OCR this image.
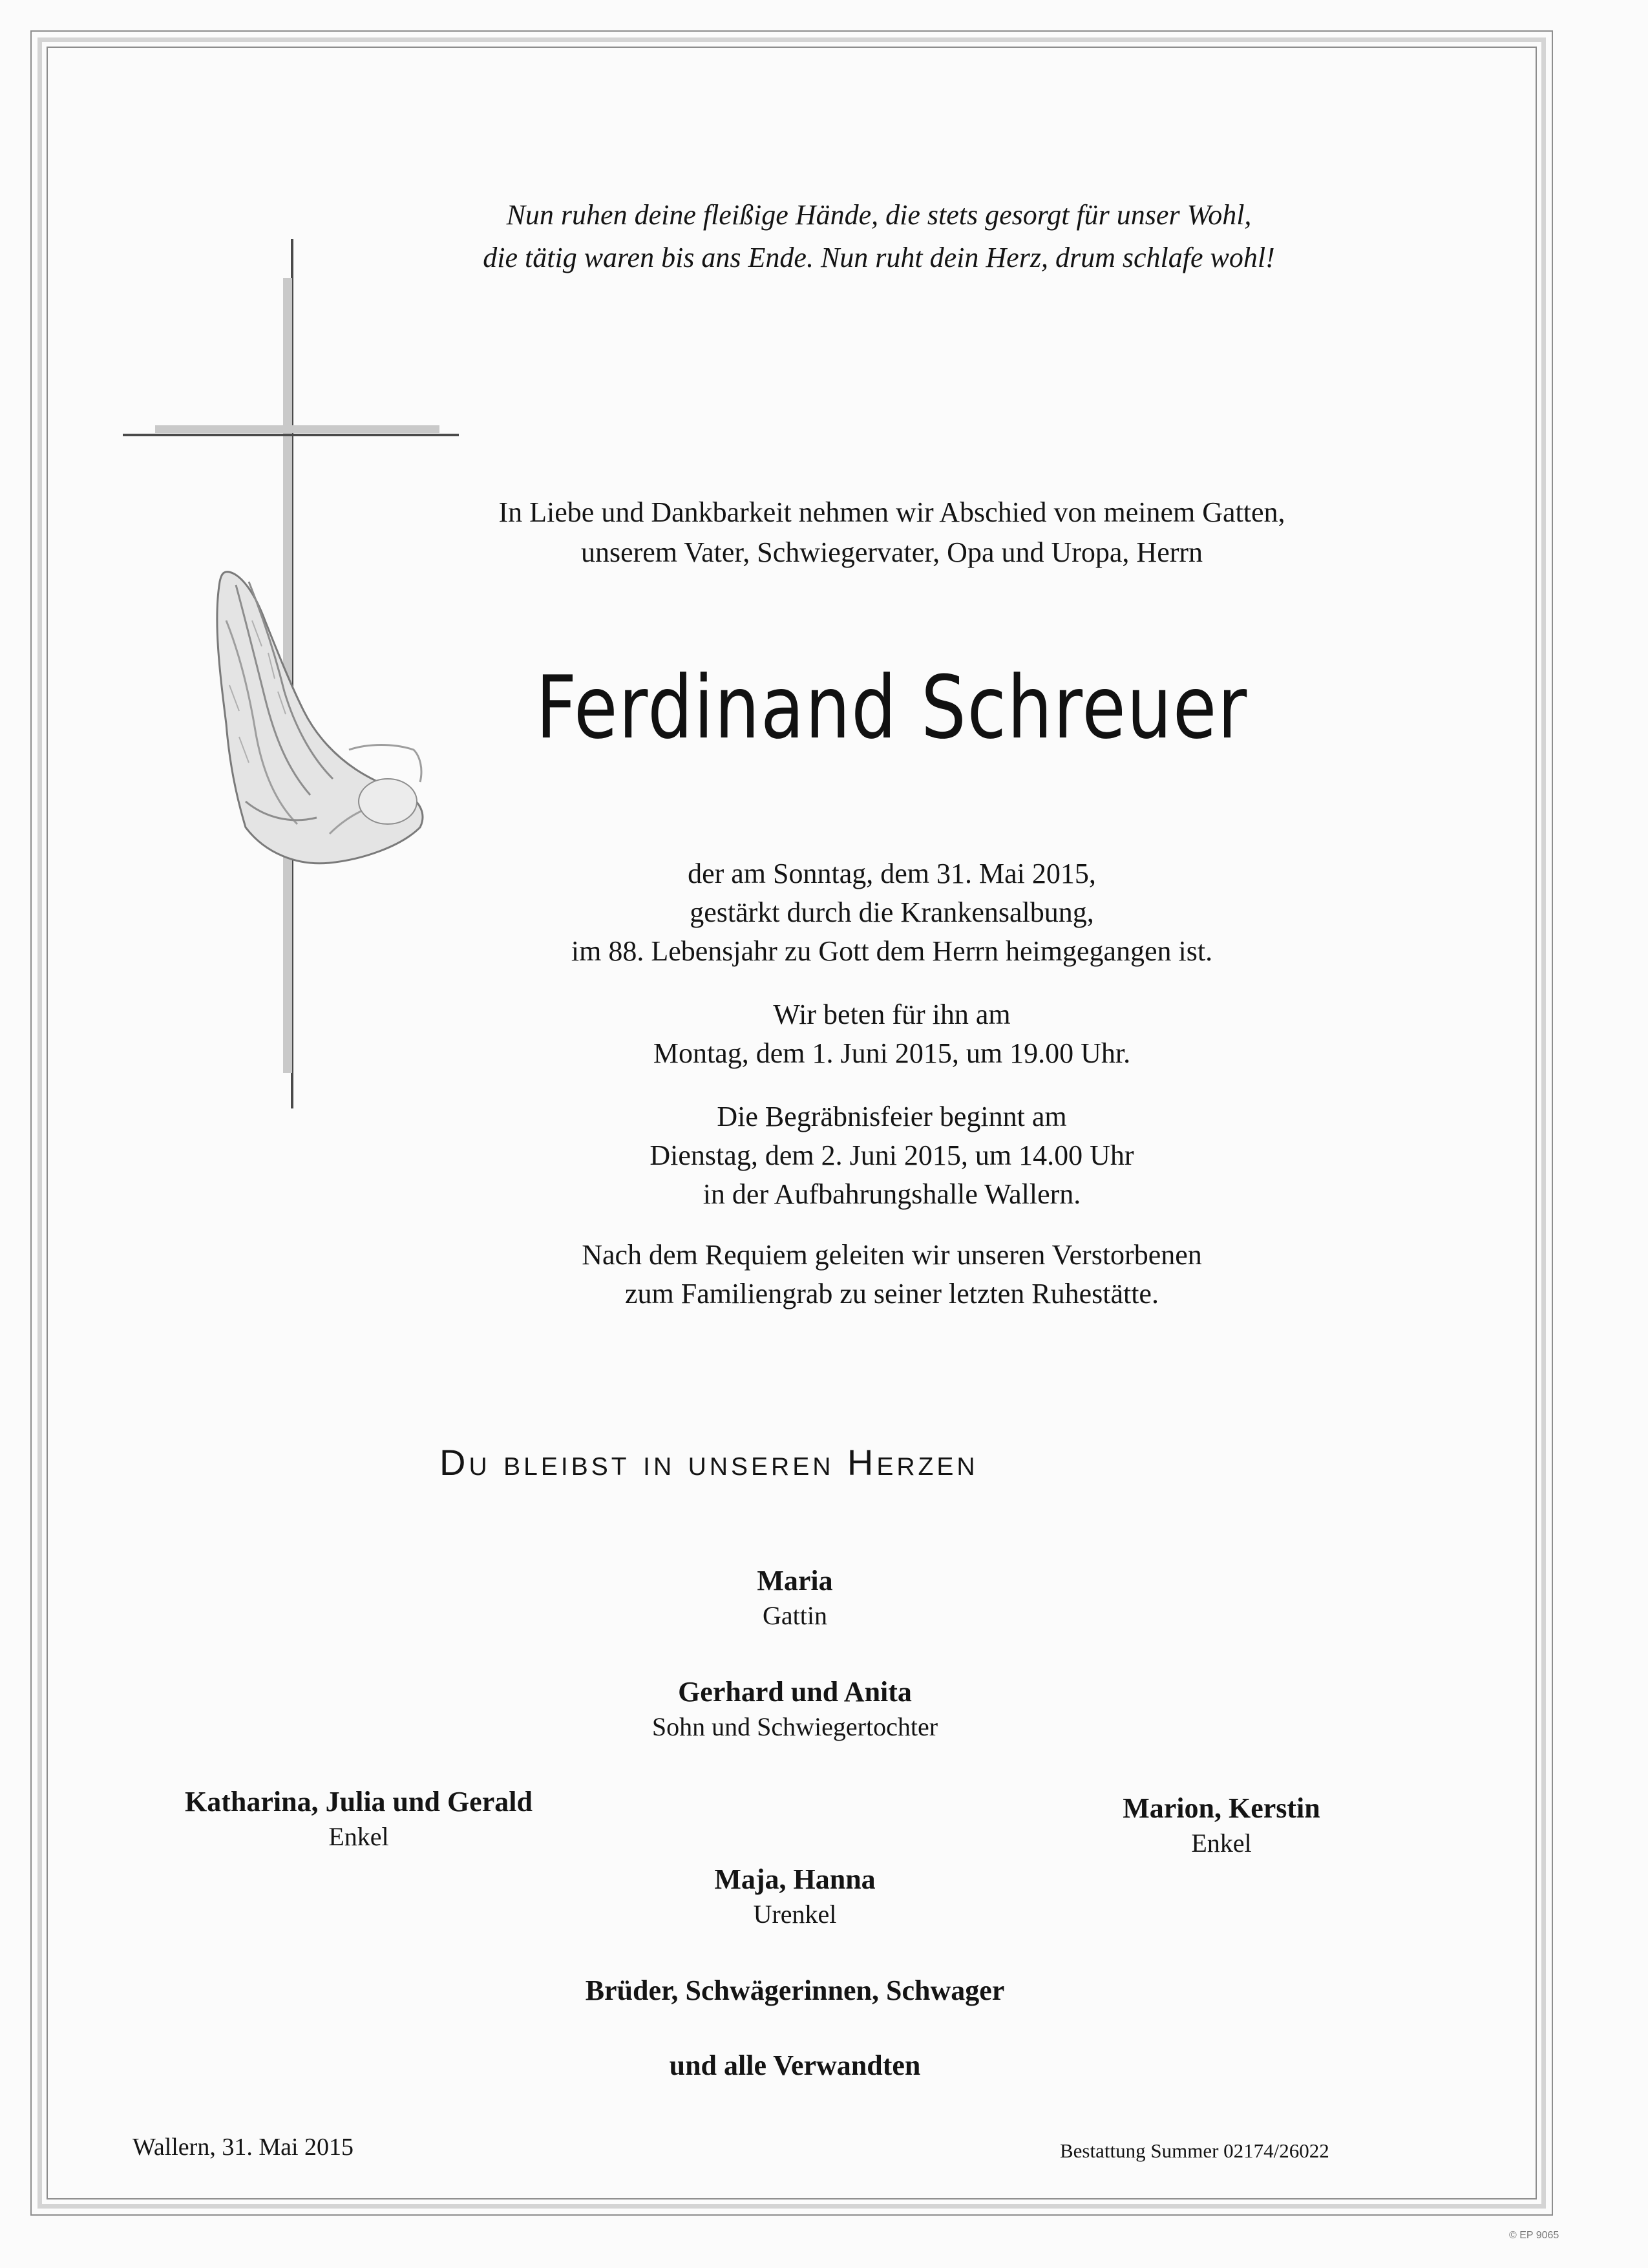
Nun ruhen deine fleißige Hände, die stets gesorgt für unser Wohl,
die tätig waren bis ans Ende. Nun ruht dein Herz, drum schlafe wohl!
In Liebe und Dankbarkeit nehmen wir Abschied von meinem Gatten,
unserem Vater, Schwiegervater, Opa und Uropa, Herrn
Ferdinand Schreuer
der am Sonntag, dem 31. Mai 2015,
gestärkt durch die Krankensalbung,
im 88. Lebensjahr zu Gott dem Herrn heimgegangen ist.
Wir beten für ihn am
Montag, dem 1. Juni 2015, um 19.00 Uhr.
Die Begräbnisfeier beginnt am
Dienstag, dem 2. Juni 2015, um 14.00 Uhr
in der Aufbahrungshalle Wallern.
Nach dem Requiem geleiten wir unseren Verstorbenen
zum Familiengrab zu seiner letzten Ruhestätte.
Du bleibst in unseren Herzen
Maria
Gattin
Gerhard und Anita
Sohn und Schwiegertochter
Katharina, Julia und Gerald
Enkel
Marion, Kerstin
Enkel
Maja, Hanna
Urenkel
Brüder, Schwägerinnen, Schwager
und alle Verwandten
Wallern, 31. Mai 2015	Bestattung Summer 02174/26022
© EP 9065
